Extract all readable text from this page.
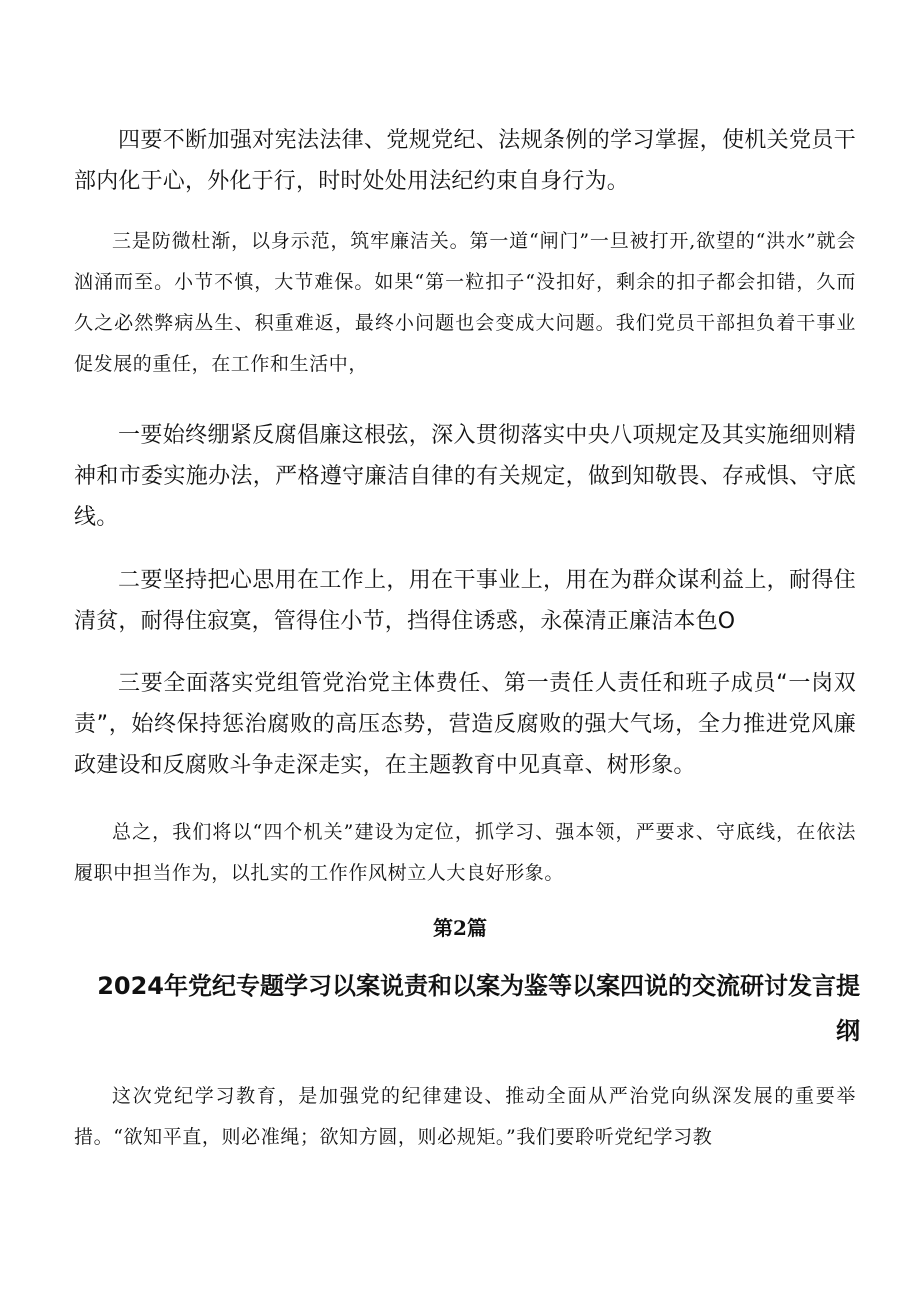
四要不断加强对宪法法律、党规党纪、法规条例的学习掌握，使机关党员干部内化于心，外化于行，时时处处用法纪约束自身行为。

三是防微杜渐，以身示范，筑牢廉洁关。第一道“闸门”一旦被打开,欲望的“洪水”就会汹涌而至。小节不慎，大节难保。如果“第一粒扣子“没扣好，剩余的扣子都会扣错，久而久之必然弊病丛生、积重难返，最终小问题也会变成大问题。我们党员干部担负着干事业促发展的重任，在工作和生活中，

一要始终绷紧反腐倡廉这根弦，深入贯彻落实中央八项规定及其实施细则精神和市委实施办法，严格遵守廉洁自律的有关规定，做到知敬畏、存戒惧、守底线。

二要坚持把心思用在工作上，用在干事业上，用在为群众谋利益上，耐得住清贫，耐得住寂寞，管得住小节，挡得住诱惑，永葆清正廉洁本色O

三要全面落实党组管党治党主体费任、第一责任人责任和班子成员“一岗双责”，始终保持惩治腐败的高压态势，营造反腐败的强大气场，全力推进党风廉政建设和反腐败斗争走深走实，在主题教育中见真章、树形象。

总之，我们将以“四个机关”建设为定位，抓学习、强本领，严要求、守底线，在依法履职中担当作为，以扎实的工作作风树立人大良好形象。

第2篇
2024年党纪专题学习以案说责和以案为鉴等以案四说的交流研讨发言提纲

这次党纪学习教育，是加强党的纪律建设、推动全面从严治党向纵深发展的重要举措。“欲知平直，则必准绳；欲知方圆，则必规矩。”我们要聆听党纪学习教
